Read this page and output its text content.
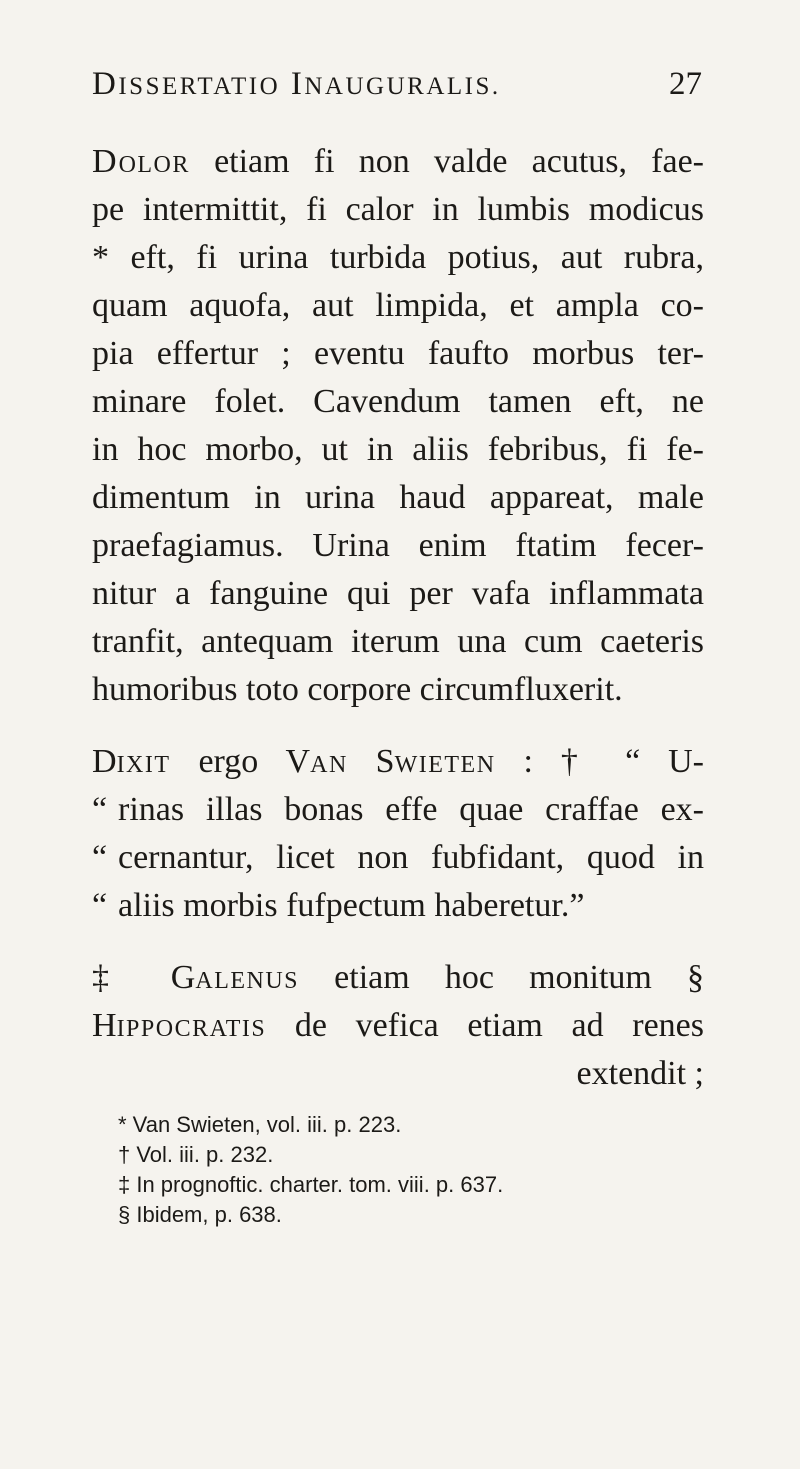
DISSERTATIO INAUGURALIS.	27
DOLOR etiam fi non valde acutus, fae-
pe intermittit, fi calor in lumbis modicus
* eft, fi urina turbida potius, aut rubra,
quam aquofa, aut limpida, et ampla co-
pia effertur ; eventu faufto morbus ter-
minare folet. Cavendum tamen eft, ne
in hoc morbo, ut in aliis febribus, fi fe-
dimentum in urina haud appareat, male
praefagiamus. Urina enim ftatim fecer-
nitur a fanguine qui per vafa inflammata
tranfit, antequam iterum una cum caeteris
humoribus toto corpore circumfluxerit.
DIXIT ergo VAN SWIETEN : † “ U-
“ rinas illas bonas effe quae craffae ex-
“ cernantur, licet non fubfidant, quod in
“ aliis morbis fufpectum haberetur.”
‡ GALENUS etiam hoc monitum §
HIPPOCRATIS de vefica etiam ad renes
extendit ;
* Van Swieten, vol. iii. p. 223.
† Vol. iii. p. 232.
‡ In prognoftic. charter. tom. viii. p. 637.
§ Ibidem, p. 638.
